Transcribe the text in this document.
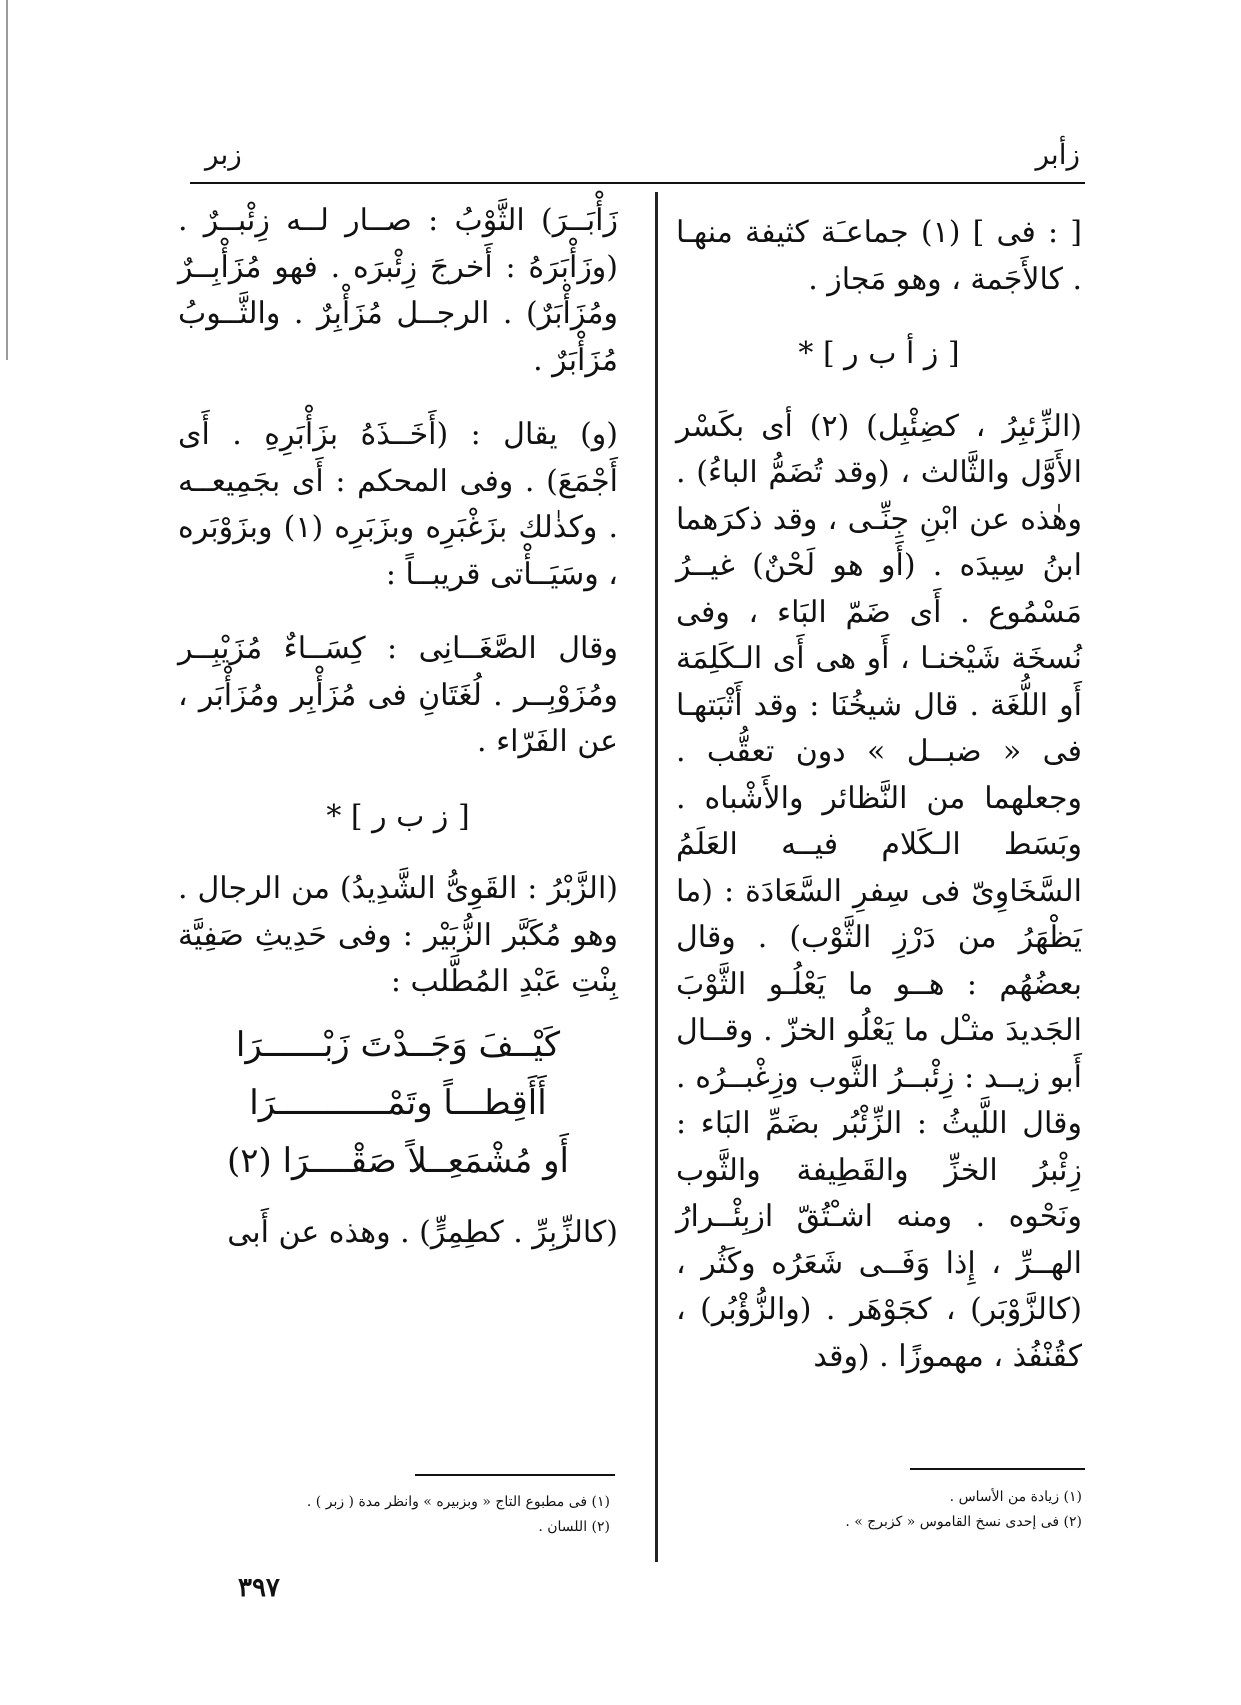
زأبر
زبر

[ : فى ] (١) جماعـَة كثيفة منهـا . كالأَجَمة ، وهو مَجاز .

[ ز أ ب ر ] *

(الزِّئبِرُ ، كضِئْبِل) (٢) أى بكَسْر الأَوَّل والثَّالث ، (وقد تُضَمُّ الباءُ) . وهٰذه عن ابْنِ جِنِّـى ، وقد ذكرَهما ابنُ سِيدَه . (أَو هو لَحْنٌ) غيــرُ مَسْمُوع . أَى ضَمّ البَاء ، وفى نُسخَة شَيْخنـا ، أَو هى أَى الـكَلِمَة أَو اللُّغَة . قال شيخُنَا : وقد أَثْبَتهـا فى « ضبــل » دون تعقُّب . وجعلهما من النَّظائر والأَشْباه . وبَسَط الـكَلام فيــه العَلَمُ السَّخَاوِىّ فى سِفرِ السَّعَادَة : (ما يَظْهَرُ من دَرْزِ الثَّوْب) . وقال بعضُهُم : هــو ما يَعْلُـو الثَّوْبَ الجَديدَ مثـْل ما يَعْلُو الخزّ . وقــال أَبو زيــد : زِئْبــرُ الثَّوب وزِغْبــرُه . وقال اللَّيثُ : الزِّئْبُر بضَمِّ البَاء : زِئْبرُ الخزِّ والقَطِيفة والثَّوب ونَحْوه . ومنه اشـْتُقّ ازبِئْــرارُ الهــرِّ ، إِذا وَفَــى شَعَرُه وكَثُر ، (كالزَّوْبَر) ، كجَوْهَر . (والزُّؤْبُر) ، كقُنْفُذ ، مهموزًا . (وقد

زَأْبَــرَ) الثَّوْبُ : صــار لــه زِئْبــرٌ . (وزَأْبَرَهُ : أَخرجَ زِئْبرَه . فهو مُزَأْبِــرٌ ومُزَأْبَرٌ) . الرجــل مُزَأْبِرٌ . والثَّــوبُ مُزَأْبَرٌ .

(و) يقال : (أَخَــذَهُ بزَأْبَرِهِ . أَى أَجْمَعَ) . وفى المحكم : أَى بجَمِيعــه . وكذٰلك بزَغْبَرِه وبزَبَرِه (١) وبزَوْبَره ، وسَيَــأْتى قريبــاً :

وقال الصَّغَــانِى : كِسَــاءٌ مُزَيْبِــر ومُزَوْبِــر . لُغَتَانِ فى مُزَأْبِر ومُزَأْبَر ، عن الفَرّاء .

[ ز ب ر ] *

(الزَّبْرُ : القَوِىُّ الشَّدِيدُ) من الرجال . وهو مُكَبَّر الزُّبَيْر : وفى حَدِيثِ صَفِيَّة بِنْتِ عَبْدِ المُطَّلب :

كَيْــفَ وَجَــدْتَ زَبْــــــرَا
أَأَقِطـــاً وتَمْـــــــــــرَا
أَو مُشْمَعِــلاً صَقْــــرَا (٢)

(كالزِّبِرِّ . كطِمِرٍّ) . وهذه عن أَبى

(١) زيادة من الأساس .
(٢) فى إحدى نسخ القاموس « كزبرج » .
(١) فى مطبوع التاج « وبزبيره » وانظر مدة ( زبر ) .
(٢) اللسان .
٣٩٧
